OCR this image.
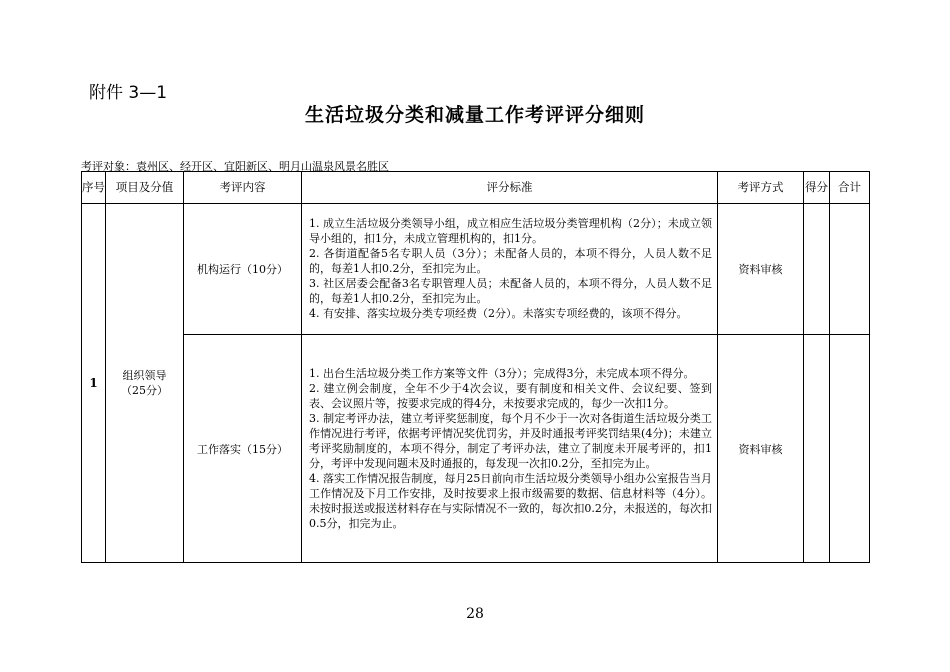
附件 3—1
生活垃圾分类和减量工作考评评分细则
考评对象：袁州区、经开区、宜阳新区、明月山温泉风景名胜区
序号	项目及分值	考评内容	评分标准	考评方式	得分	合计
1	组织领导（25分）	机构运行（10分）	1. 成立生活垃圾分类领导小组，成立相应生活垃圾分类管理机构（2分）；未成立领导小组的，扣1分，未成立管理机构的，扣1分。
2. 各街道配备5名专职人员（3分）；未配备人员的，本项不得分，人员人数不足的，每差1人扣0.2分，至扣完为止。
3. 社区居委会配备3名专职管理人员；未配备人员的，本项不得分，人员人数不足的，每差1人扣0.2分，至扣完为止。
4. 有安排、落实垃圾分类专项经费（2分）。未落实专项经费的，该项不得分。	资料审核		
		工作落实（15分）	1. 出台生活垃圾分类工作方案等文件（3分）；完成得3分，未完成本项不得分。
2. 建立例会制度，全年不少于4次会议，要有制度和相关文件、会议纪要、签到表、会议照片等，按要求完成的得4分，未按要求完成的，每少一次扣1分。
3. 制定考评办法，建立考评奖惩制度，每个月不少于一次对各街道生活垃圾分类工作情况进行考评，依据考评情况奖优罚劣，并及时通报考评奖罚结果(4分)；未建立考评奖励制度的，本项不得分，制定了考评办法，建立了制度未开展考评的，扣1分，考评中发现问题未及时通报的，每发现一次扣0.2分，至扣完为止。
4. 落实工作情况报告制度，每月25日前向市生活垃圾分类领导小组办公室报告当月工作情况及下月工作安排，及时按要求上报市级需要的数据、信息材料等（4分）。未按时报送或报送材料存在与实际情况不一致的，每次扣0.2分，未报送的，每次扣0.5分，扣完为止。	资料审核		
28
